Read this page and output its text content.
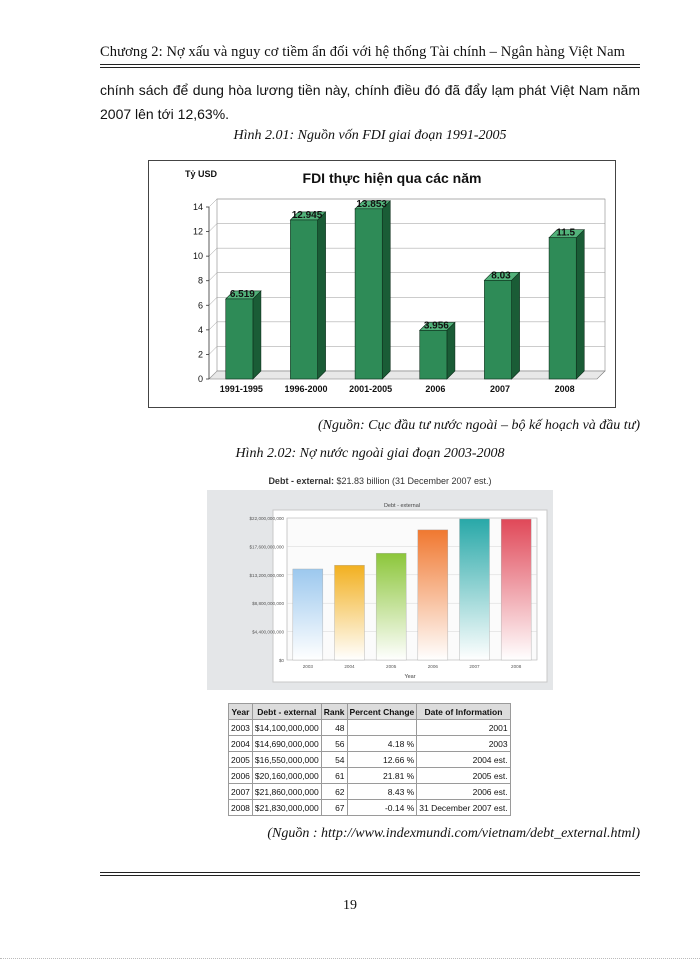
Chương 2: Nợ xấu và nguy cơ tiềm ẩn đối với hệ thống Tài chính – Ngân hàng Việt Nam
chính sách để dung hòa lương tiền này, chính điều đó đã đẩy lạm phát Việt Nam năm
2007 lên tới 12,63%.
Hình 2.01: Nguồn vốn FDI giai đoạn 1991-2005
Tỷ USD	FDI thực hiện qua các năm
0
2
4
6
8
10
12
14
1991-1995 1996-2000 2001-2005	2006	2007	2008
6.519
12.945
13.853
3.956
8.03
11.5
(Nguồn: Cục đầu tư nước ngoài – bộ kế hoạch và đầu tư)
Hình 2.02: Nợ nước ngoài giai đoạn 2003-2008
Debt - external: $21.83 billion (31 December 2007 est.)
Debt - external
$0
$4,400,000,000
$8,800,000,000
$13,200,000,000
$17,600,000,000
$22,000,000,000
2003	2004	2005	2006	2007	2008
Year
Year	Debt - external	Rank	Percent Change	Date of Information
2003	$14,100,000,000	48		2001
2004	$14,690,000,000	56	4.18 %	2003
2005	$16,550,000,000	54	12.66 %	2004 est.
2006	$20,160,000,000	61	21.81 %	2005 est.
2007	$21,860,000,000	62	8.43 %	2006 est.
2008	$21,830,000,000	67	-0.14 %	31 December 2007 est.
(Nguồn : http://www.indexmundi.com/vietnam/debt_external.html)
19
